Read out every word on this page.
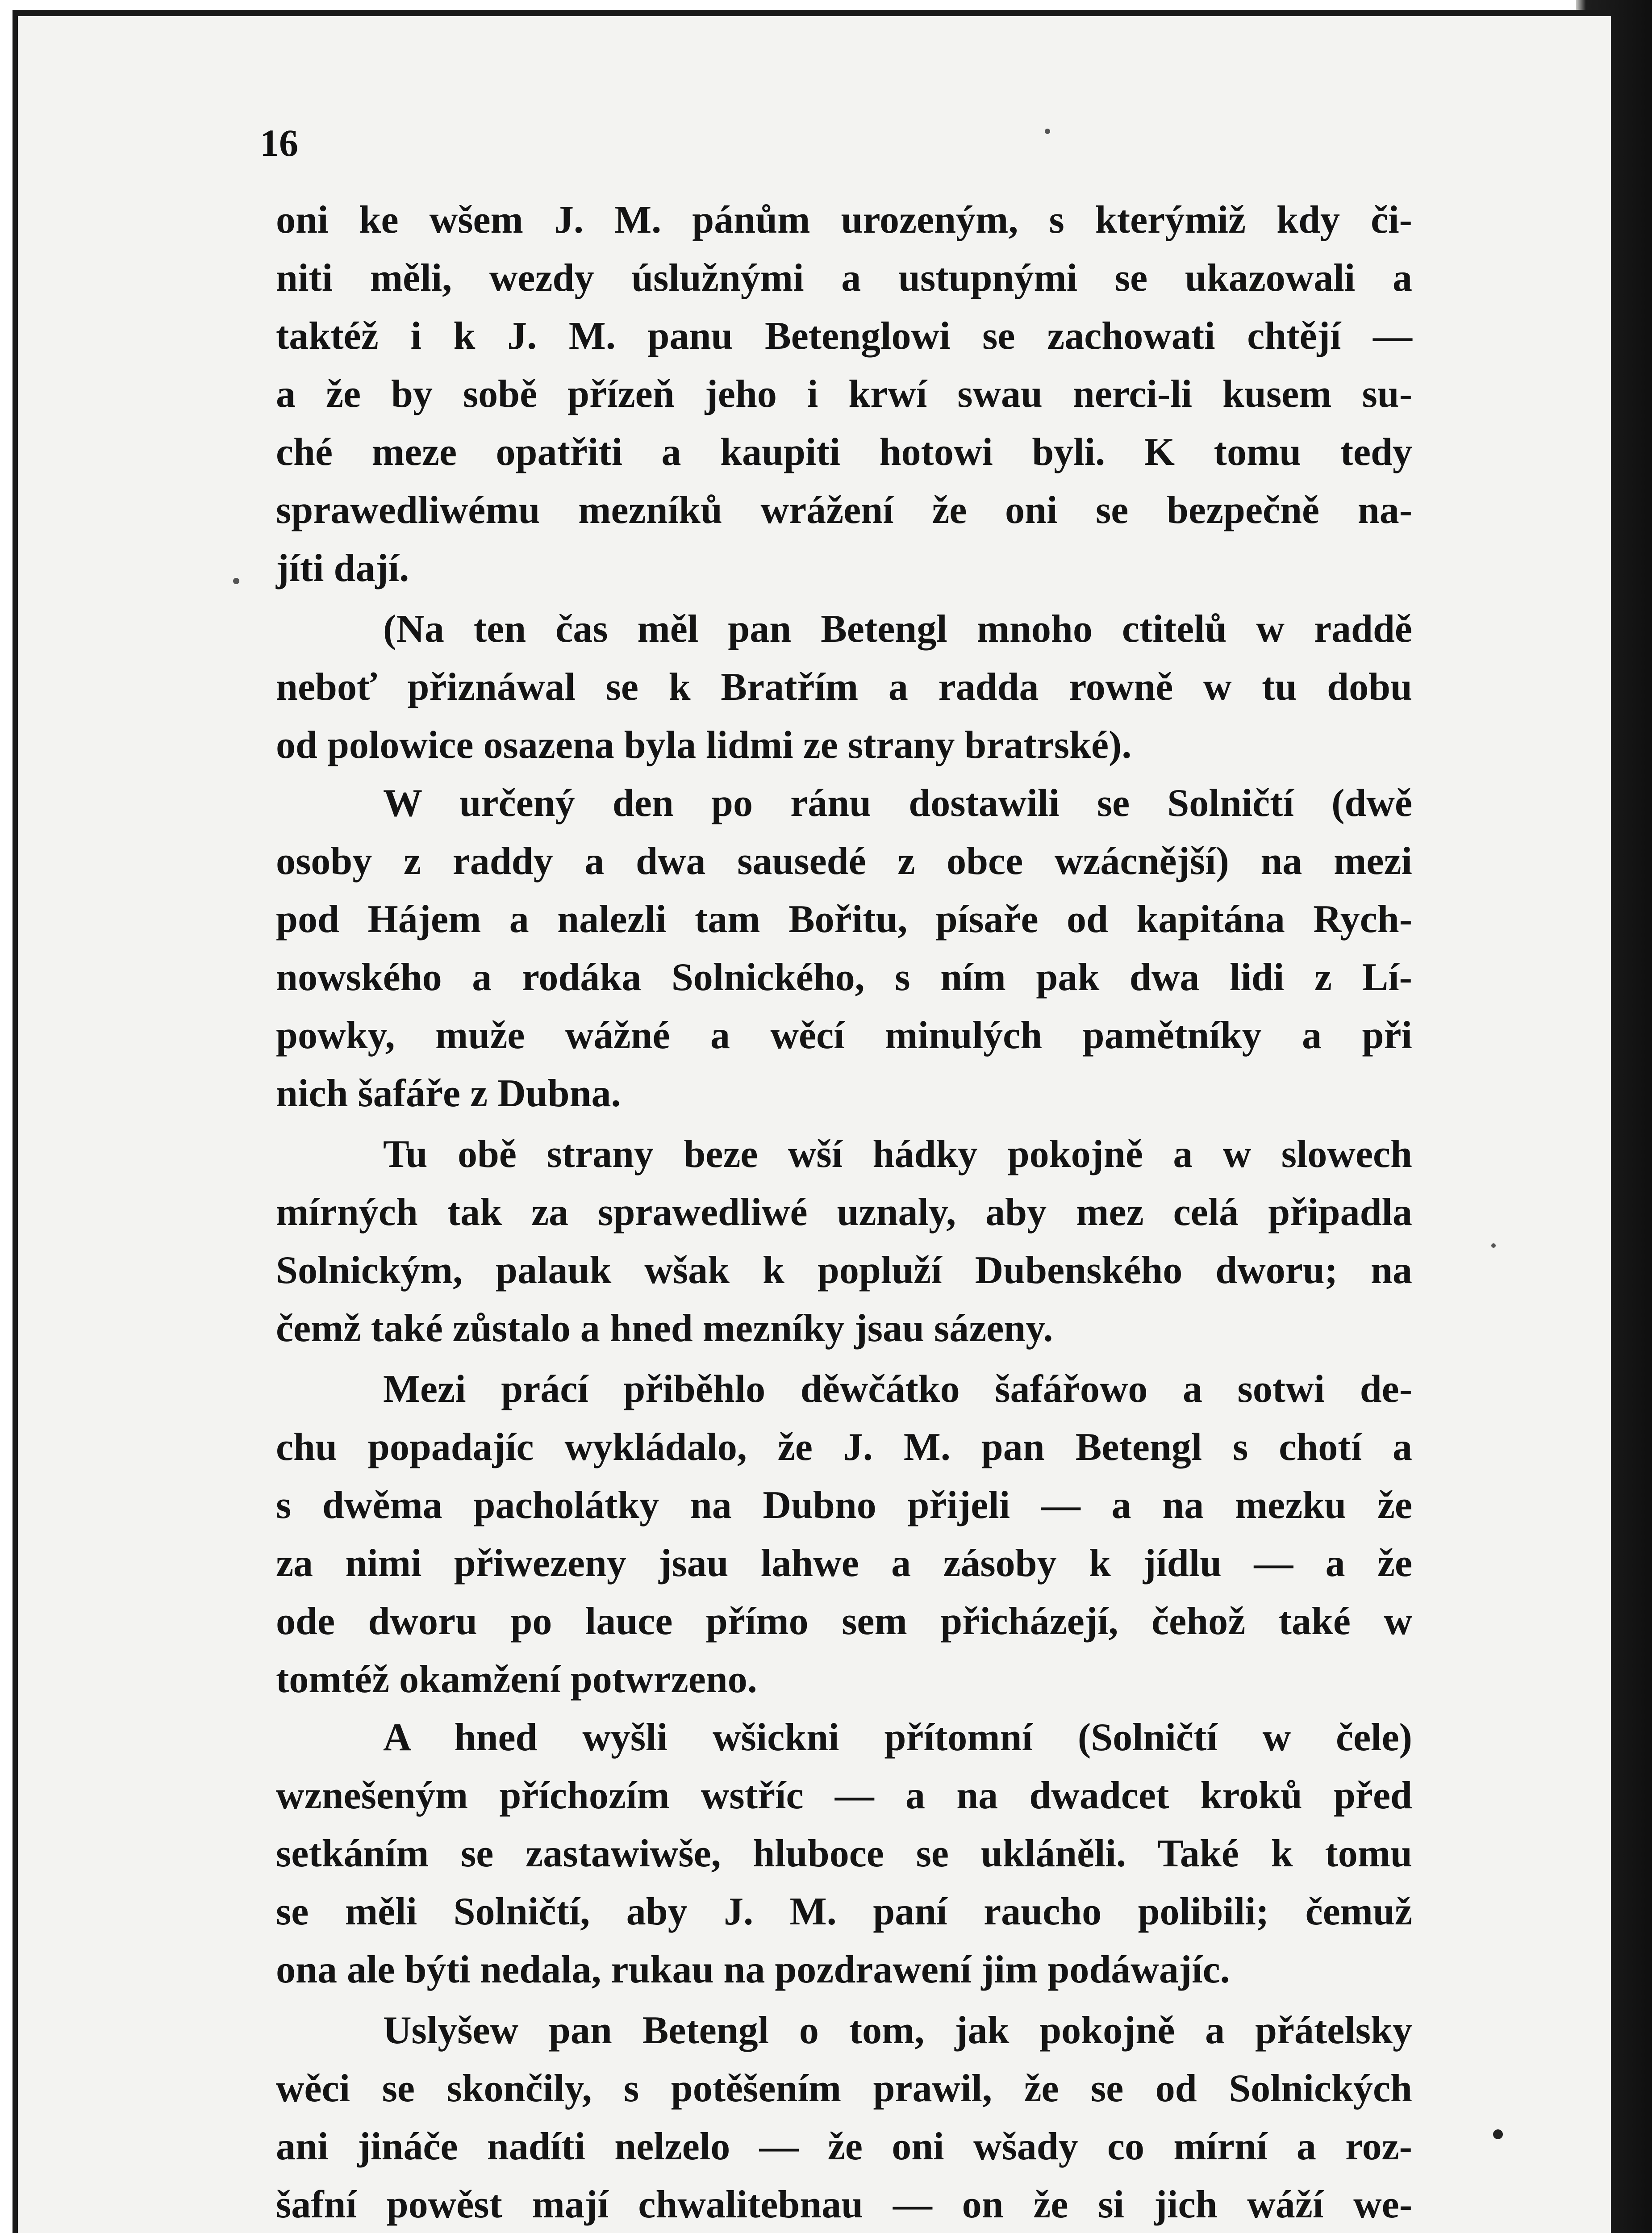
16

oni ke wšem J. M. pánům urozeným, s kterýmiž kdy či-
niti měli, wezdy úslužnými a ustupnými se ukazowali a
taktéž i k J. M. panu Betenglowi se zachowati chtějí —
a že by sobě přízeň jeho i krwí swau nerci-li kusem su-
ché meze opatřiti a kaupiti hotowi byli. K tomu tedy
sprawedliwému mezníků wrážení že oni se bezpečně na-
jíti dají.

(Na ten čas měl pan Betengl mnoho ctitelů w raddě
neboť přiznáwal se k Bratřím a radda rowně w tu dobu
od polowice osazena byla lidmi ze strany bratrské).

W určený den po ránu dostawili se Solničtí (dwě
osoby z raddy a dwa sausedé z obce wzácnější) na mezi
pod Hájem a nalezli tam Bořitu, písaře od kapitána Rych-
nowského a rodáka Solnického, s ním pak dwa lidi z Lí-
powky, muže wážné a wěcí minulých pamětníky a při
nich šafáře z Dubna.

Tu obě strany beze wší hádky pokojně a w slowech
mírných tak za sprawedliwé uznaly, aby mez celá připadla
Solnickým, palauk wšak k popluží Dubenského dworu; na
čemž také zůstalo a hned mezníky jsau sázeny.

Mezi prácí přiběhlo děwčátko šafářowo a sotwi de-
chu popadajíc wykládalo, že J. M. pan Betengl s chotí a
s dwěma pacholátky na Dubno přijeli — a na mezku že
za nimi přiwezeny jsau lahwe a zásoby k jídlu — a že
ode dworu po lauce přímo sem přicházejí, čehož také w
tomtéž okamžení potwrzeno.

A hned wyšli wšickni přítomní (Solničtí w čele)
wznešeným příchozím wstříc — a na dwadcet kroků před
setkáním se zastawiwše, hluboce se ukláněli. Také k tomu
se měli Solničtí, aby J. M. paní raucho polibili; čemuž
ona ale býti nedala, rukau na pozdrawení jim podáwajíc.

Uslyšew pan Betengl o tom, jak pokojně a přátelsky
wěci se skončily, s potěšením prawil, že se od Solnických
ani jináče nadíti nelzelo — že oni wšady co mírní a roz-
šafní powěst mají chwalitebnau — on že si jich wáží we-
